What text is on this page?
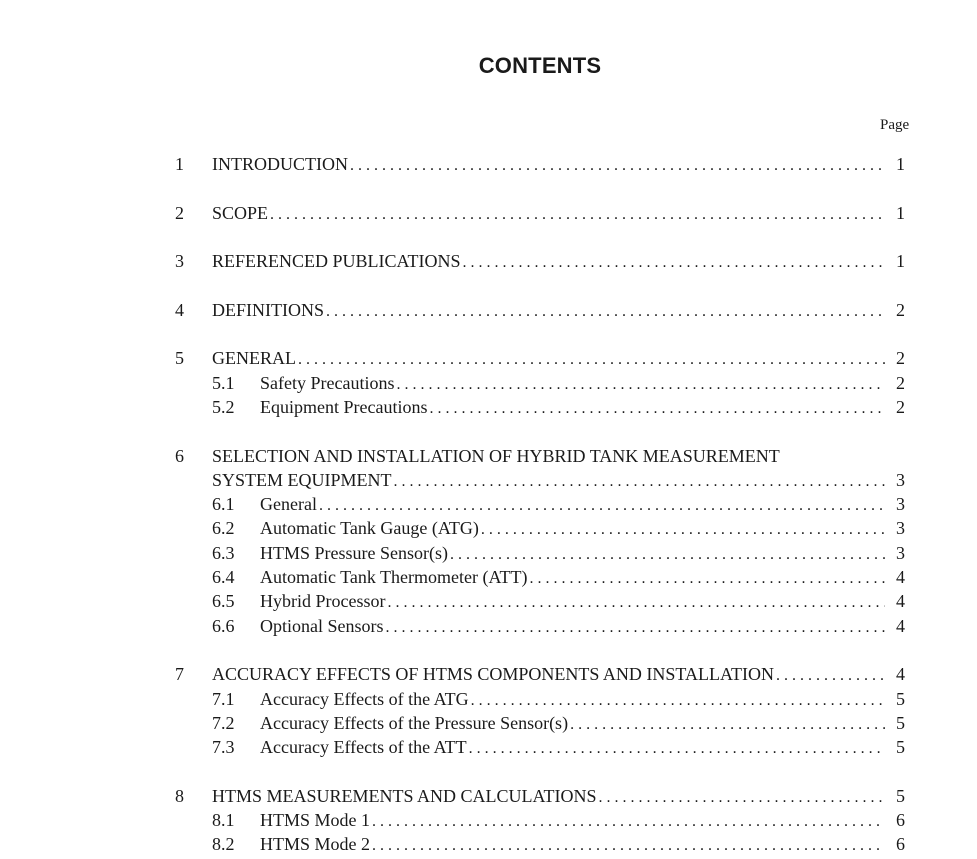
CONTENTS
Page
1 INTRODUCTION . . .	1
2 SCOPE . . .	1
3 REFERENCED PUBLICATIONS . . .	1
4 DEFINITIONS . . .	2
5 GENERAL . . .	2
5.1 Safety Precautions . . .	2
5.2 Equipment Precautions . . .	2
6 SELECTION AND INSTALLATION OF HYBRID TANK MEASUREMENT
SYSTEM EQUIPMENT . . .	3
6.1 General . . .	3
6.2 Automatic Tank Gauge (ATG) . . .	3
6.3 HTMS Pressure Sensor(s) . . .	3
6.4 Automatic Tank Thermometer (ATT) . . .	4
6.5 Hybrid Processor . . .	4
6.6 Optional Sensors . . .	4
7 ACCURACY EFFECTS OF HTMS COMPONENTS AND INSTALLATION . . .	4
7.1 Accuracy Effects of the ATG . . .	5
7.2 Accuracy Effects of the Pressure Sensor(s) . . .	5
7.3 Accuracy Effects of the ATT . . .	5
8 HTMS MEASUREMENTS AND CALCULATIONS . . .	5
8.1 HTMS Mode 1 . . .	6
8.2 HTMS Mode 2 . . .	6
